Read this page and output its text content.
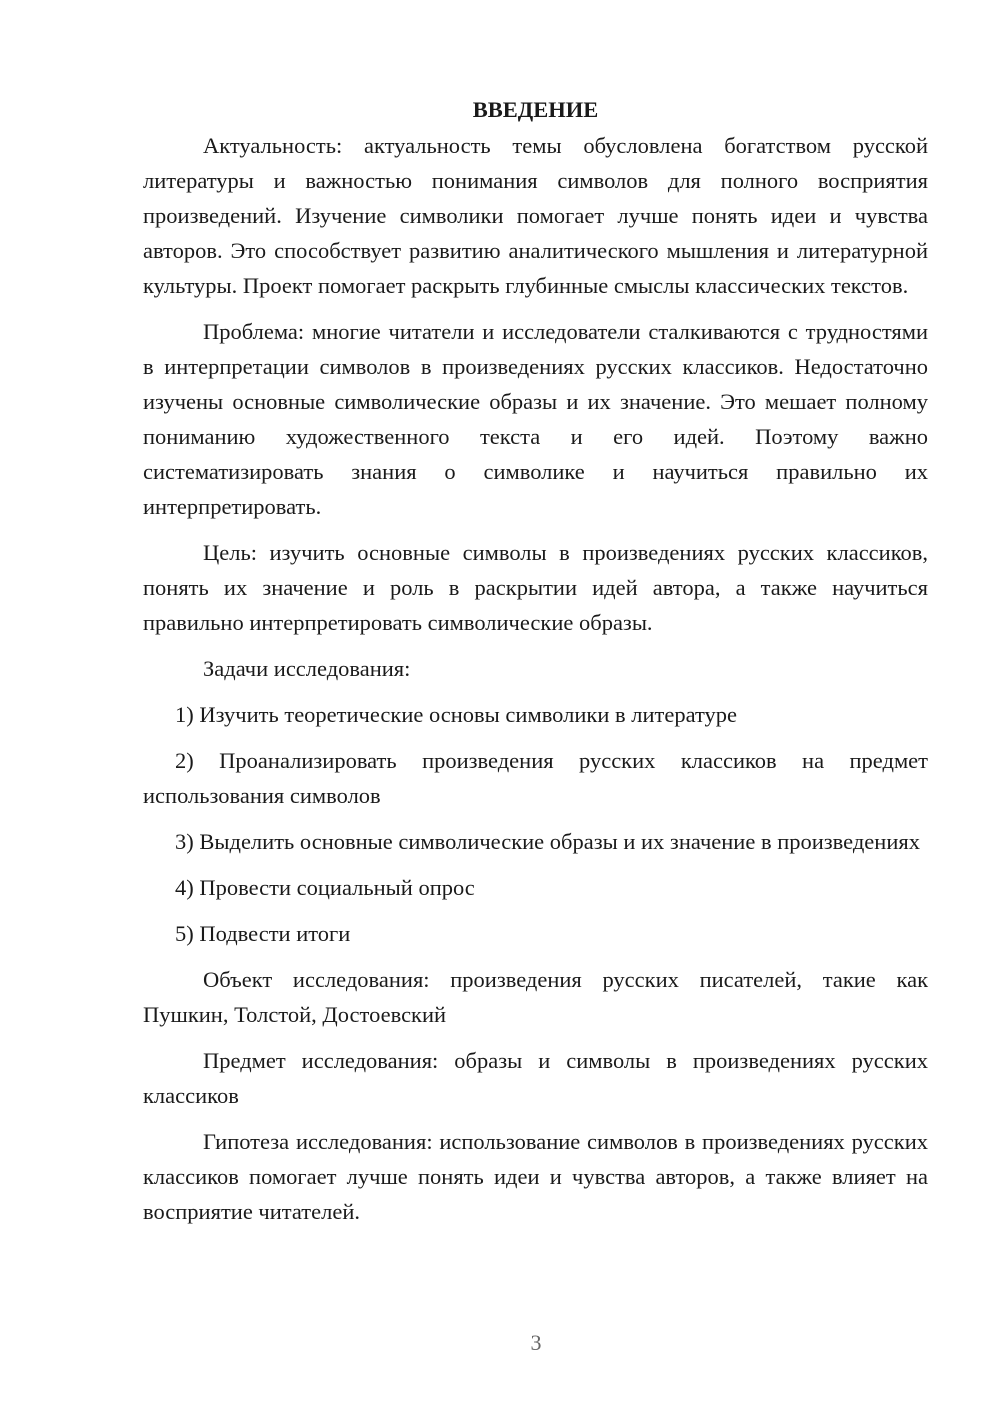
ВВЕДЕНИЕ

Актуальность: актуальность темы обусловлена богатством русской литературы и важностью понимания символов для полного восприятия произведений. Изучение символики помогает лучше понять идеи и чувства авторов. Это способствует развитию аналитического мышления и литературной культуры. Проект помогает раскрыть глубинные смыслы классических текстов.

Проблема: многие читатели и исследователи сталкиваются с трудностями в интерпретации символов в произведениях русских классиков. Недостаточно изучены основные символические образы и их значение. Это мешает полному пониманию художественного текста и его идей. Поэтому важно систематизировать знания о символике и научиться правильно их интерпретировать.

Цель: изучить основные символы в произведениях русских классиков, понять их значение и роль в раскрытии идей автора, а также научиться правильно интерпретировать символические образы.

Задачи исследования:

1) Изучить теоретические основы символики в литературе

2) Проанализировать произведения русских классиков на предмет использования символов

3) Выделить основные символические образы и их значение в произведениях

4) Провести социальный опрос

5) Подвести итоги

Объект исследования: произведения русских писателей, такие как Пушкин, Толстой, Достоевский

Предмет исследования: образы и символы в произведениях русских классиков

Гипотеза исследования: использование символов в произведениях русских классиков помогает лучше понять идеи и чувства авторов, а также влияет на восприятие читателей.

3
